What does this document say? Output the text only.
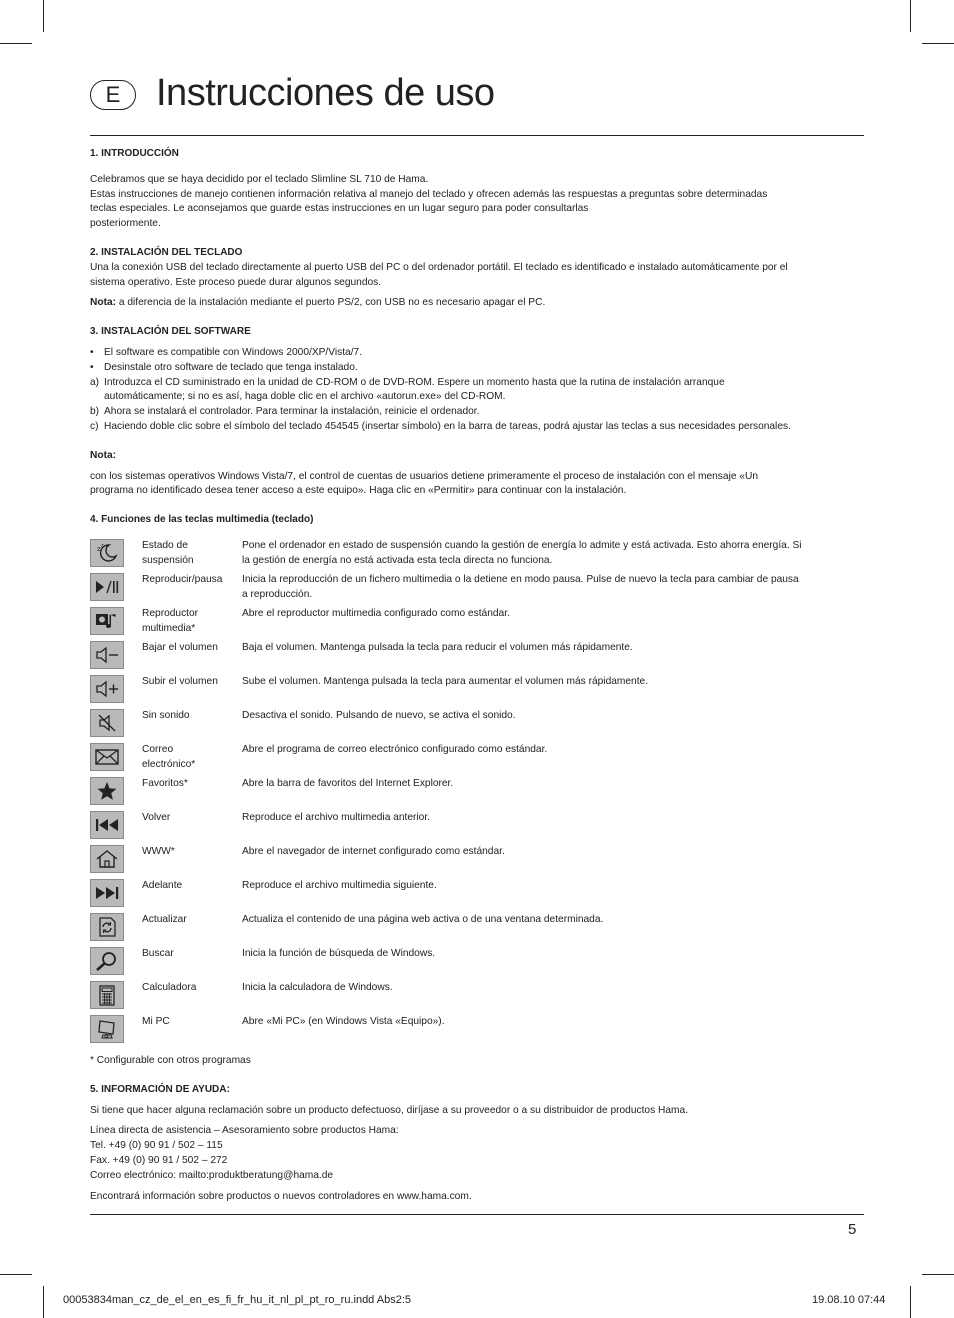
E Instrucciones de uso
1. INTRODUCCIÓN

Celebramos que se haya decidido por el teclado Slimline SL 710 de Hama.

Estas instrucciones de manejo contienen información relativa al manejo del teclado y ofrecen además las respuestas a preguntas sobre determinadas

teclas especiales. Le aconsejamos que guarde estas instrucciones en un lugar seguro para poder consultarlas

posteriormente.

2. INSTALACIÓN DEL TECLADO

Una la conexión USB del teclado directamente al puerto USB del PC o del ordenador portátil. El teclado es identificado e instalado automáticamente por el

sistema operativo. Este proceso puede durar algunos segundos.

Nota: a diferencia de la instalación mediante el puerto PS/2, con USB no es necesario apagar el PC.

3. INSTALACIÓN DEL SOFTWARE
• El software es compatible con Windows 2000/XP/Vista/7.
• Desinstale otro software de teclado que tenga instalado.
a) Introduzca el CD suministrado en la unidad de CD-ROM o de DVD-ROM. Espere un momento hasta que la rutina de instalación arranque
automáticamente; si no es así, haga doble clic en el archivo «autorun.exe» del CD-ROM.
b) Ahora se instalará el controlador. Para terminar la instalación, reinicie el ordenador.
c) Haciendo doble clic sobre el símbolo del teclado 454545 (insertar símbolo) en la barra de tareas, podrá ajustar las teclas a sus necesidades personales.

Nota:

con los sistemas operativos Windows Vista/7, el control de cuentas de usuarios detiene primeramente el proceso de instalación con el mensaje «Un

programa no identificado desea tener acceso a este equipo». Haga clic en «Permitir» para continuar con la instalación.

4. Funciones de las teclas multimedia (teclado)
z z	Estado de
suspensión	Pone el ordenador en estado de suspensión cuando la gestión de energía lo admite y está activada. Esto ahorra energía. Si
la gestión de energía no está activada esta tecla directa no funciona.

	Reproducir/pausa	Inicia la reproducción de un fichero multimedia o la detiene en modo pausa. Pulse de nuevo la tecla para cambiar de pausa
a reproducción.

	Reproductor
multimedia*	Abre el reproductor multimedia configurado como estándar.

	Bajar el volumen	Baja el volumen. Mantenga pulsada la tecla para reducir el volumen más rápidamente.

	Subir el volumen	Sube el volumen. Mantenga pulsada la tecla para aumentar el volumen más rápidamente.

	Sin sonido	Desactiva el sonido. Pulsando de nuevo, se activa el sonido.

	Correo
electrónico*	Abre el programa de correo electrónico configurado como estándar.

	Favoritos*	Abre la barra de favoritos del Internet Explorer.

	Volver	Reproduce el archivo multimedia anterior.

	WWW*	Abre el navegador de internet configurado como estándar.

	Adelante	Reproduce el archivo multimedia siguiente.

	Actualizar	Actualiza el contenido de una página web activa o de una ventana determinada.

	Buscar	Inicia la función de búsqueda de Windows.

	Calculadora	Inicia la calculadora de Windows.

	Mi PC	Abre «Mi PC» (en Windows Vista «Equipo»).

* Configurable con otros programas

5. INFORMACIÓN DE AYUDA:

Si tiene que hacer alguna reclamación sobre un producto defectuoso, diríjase a su proveedor o a su distribuidor de productos Hama.

Línea directa de asistencia – Asesoramiento sobre productos Hama:

Tel. +49 (0) 90 91 / 502 – 115

Fax. +49 (0) 90 91 / 502 – 272

Correo electrónico: mailto:produktberatung@hama.de

Encontrará información sobre productos o nuevos controladores en www.hama.com.

5
00053834man_cz_de_el_en_es_fi_fr_hu_it_nl_pl_pt_ro_ru.indd Abs2:5	19.08.10 07:44
